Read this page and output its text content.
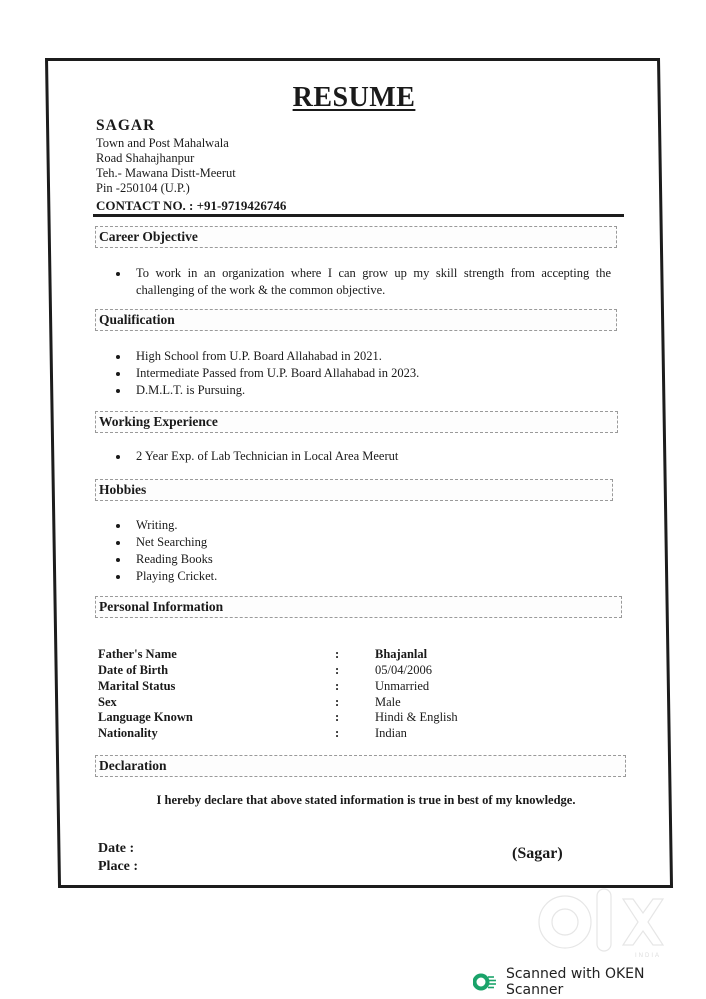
RESUME
SAGAR
Town and Post Mahalwala
Road Shahajhanpur
Teh.- Mawana Distt-Meerut
Pin -250104 (U.P.)
CONTACT NO. : +91-9719426746
Career Objective
To work in an organization where I can grow up my skill strength from accepting the challenging of the work & the common objective.
Qualification
High School from U.P. Board Allahabad in 2021.
Intermediate Passed from U.P. Board Allahabad in 2023.
D.M.L.T. is Pursuing.
Working Experience
2 Year Exp. of Lab Technician in Local Area Meerut
Hobbies
Writing.
Net Searching
Reading Books
Playing Cricket.
Personal Information
Father's Name	:	Bhajanlal
Date of Birth	:	05/04/2006
Marital Status	:	Unmarried
Sex	:	Male
Language Known	:	Hindi & English
Nationality	:	Indian
Declaration
I hereby declare that above stated information is true in best of my knowledge.
Date :
Place :
(Sagar)
INDIA
Scanned with OKEN Scanner
